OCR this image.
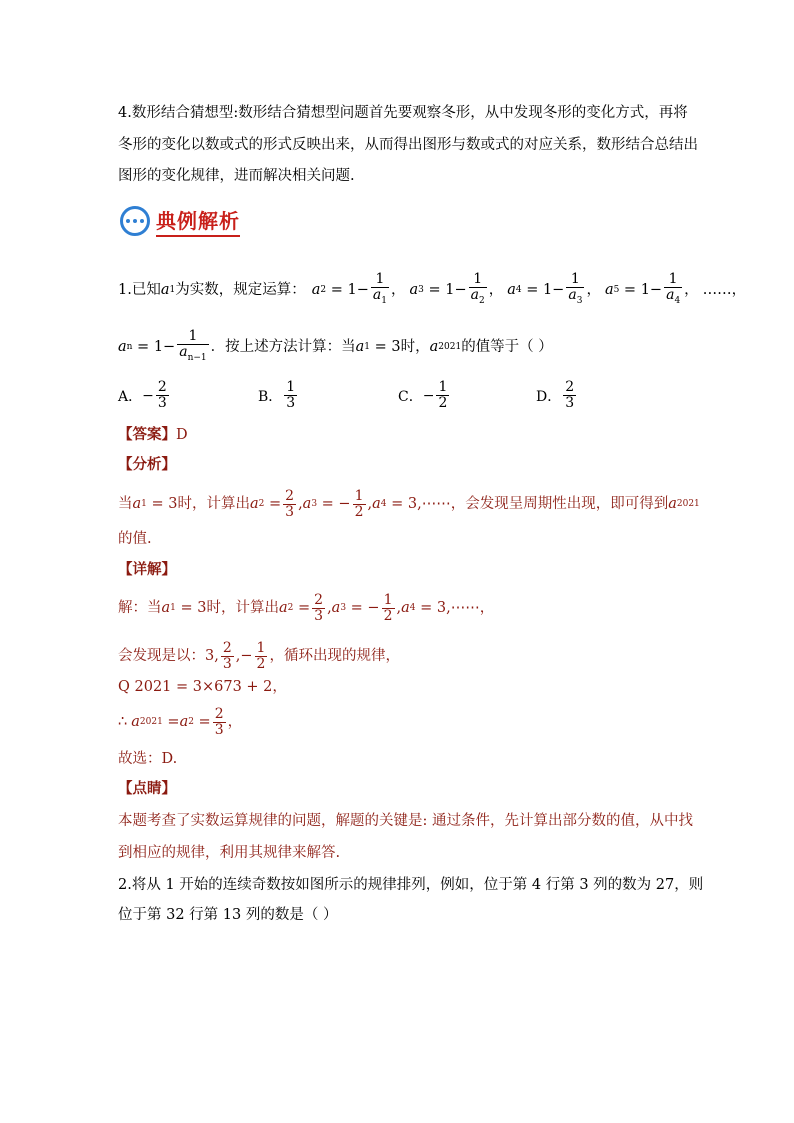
4.数形结合猜想型:数形结合猜想型问题首先要观察冬形，从中发现冬形的变化方式，再将
冬形的变化以数或式的形式反映出来，从而得出图形与数或式的对应关系，数形结合总结出
图形的变化规律，进而解决相关问题.
典例解析
1.已知 a 1 为实数，规定运算： a $2 = 1- \frac{1}{a_1}$ ， a $3 = 1- \frac{1}{a_2}$ ， a $4 = 1- \frac{1}{a_3}$ ， a $5 = 1- \frac{1}{a_4}$ ， ……，
a $n = 1- \frac{1}{a_{n-1}}$ ．按上述方法计算：当 a 1 = 3时， a 2021 的值等于（ ）
A． − $\frac{2}{3}$	B． $\frac{1}{3}$	C． − $\frac{1}{2}$	D． $\frac{2}{3}$
【答案】D
【分析】
当 a 1 = 3 时，计算出 a $2 = \frac{2}{3}$ , a 3 = − $\frac{1}{2}$ , a 4 = 3,⋯⋯ ，会发现呈周期性出现，即可得到 a 2021
的值.
【详解】
解：当 a 1 = 3 时，计算出 a $2 = \frac{2}{3}$ , a 3 = − $\frac{1}{2}$ , a 4 = 3,⋯⋯，
会发现是以： 3, $\frac{2}{3}$ ,− $\frac{1}{2}$ ，循环出现的规律，
Q 2021 = 3×673 + 2，
∴ a 2021 = a $2 = \frac{2}{3}$ ，
故选：D.
【点睛】
本题考查了实数运算规律的问题，解题的关键是: 通过条件，先计算出部分数的值，从中找
到相应的规律，利用其规律来解答.
2.将从 1 开始的连续奇数按如图所示的规律排列，例如，位于第 4 行第 3 列的数为 27，则
位于第 32 行第 13 列的数是（ ）
